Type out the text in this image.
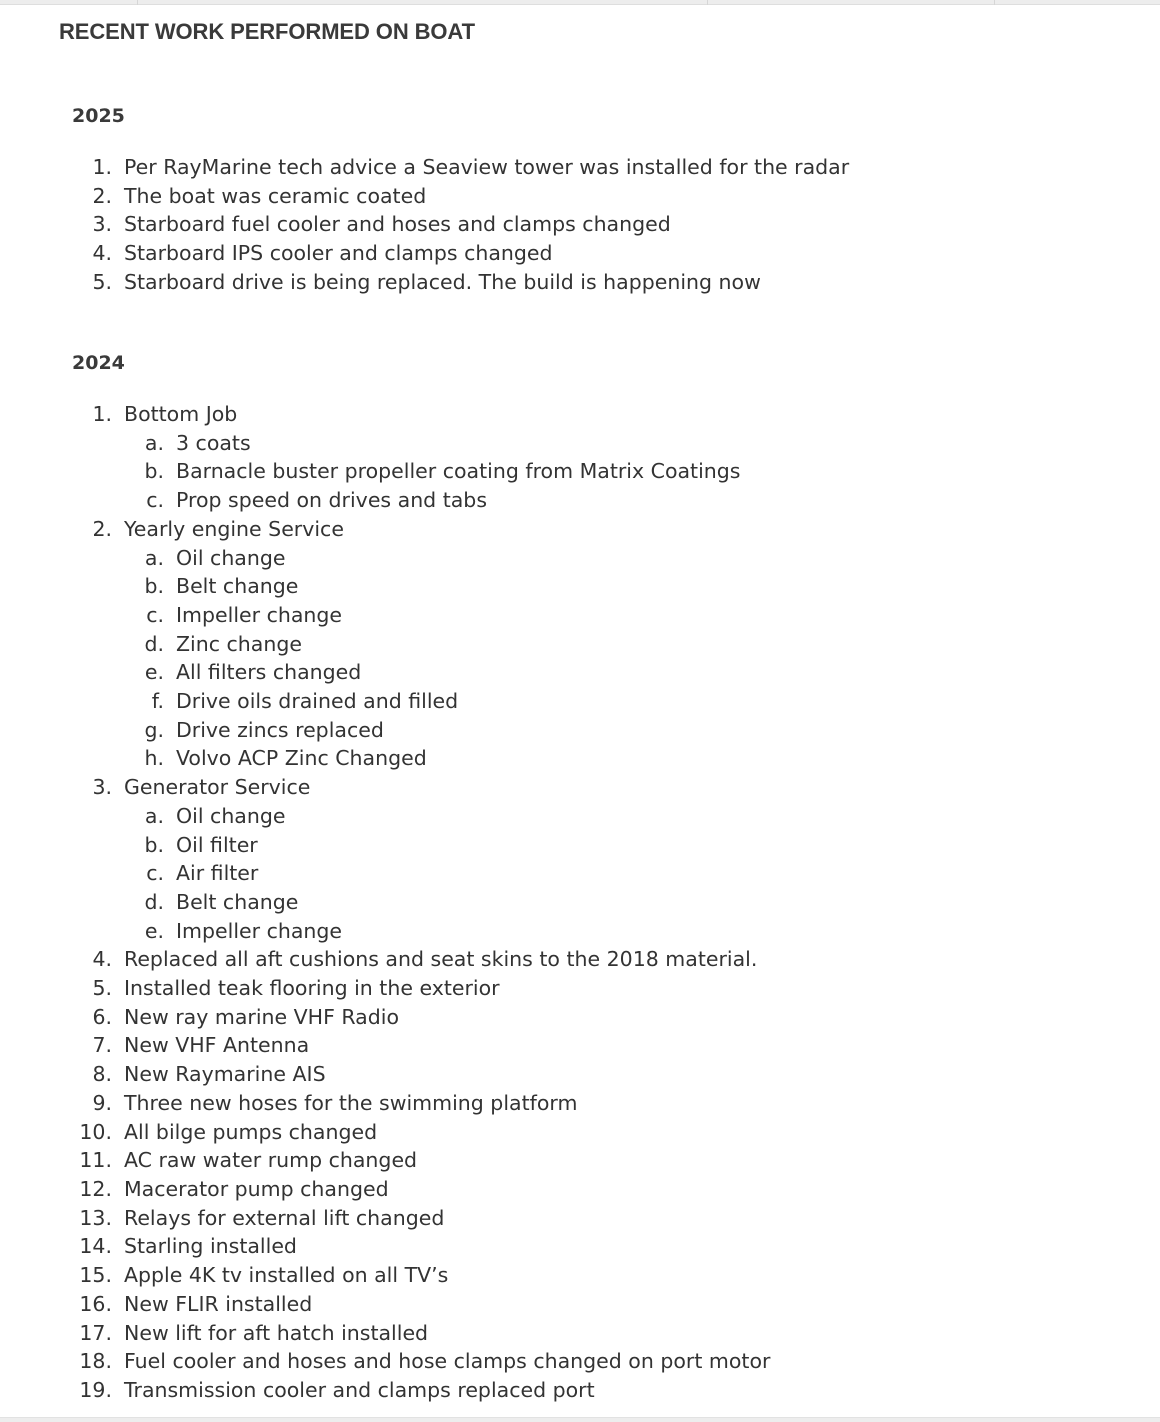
RECENT WORK PERFORMED ON BOAT
2025
1. Per RayMarine tech advice a Seaview tower was installed for the radar
2. The boat was ceramic coated
3. Starboard fuel cooler and hoses and clamps changed
4. Starboard IPS cooler and clamps changed
5. Starboard drive is being replaced. The build is happening now
2024
1. Bottom Job
a. 3 coats
b. Barnacle buster propeller coating from Matrix Coatings
c. Prop speed on drives and tabs
2. Yearly engine Service
a. Oil change
b. Belt change
c. Impeller change
d. Zinc change
e. All filters changed
f. Drive oils drained and filled
g. Drive zincs replaced
h. Volvo ACP Zinc Changed
3. Generator Service
a. Oil change
b. Oil filter
c. Air filter
d. Belt change
e. Impeller change
4. Replaced all aft cushions and seat skins to the 2018 material.
5. Installed teak flooring in the exterior
6. New ray marine VHF Radio
7. New VHF Antenna
8. New Raymarine AIS
9. Three new hoses for the swimming platform
10. All bilge pumps changed
11. AC raw water rump changed
12. Macerator pump changed
13. Relays for external lift changed
14. Starling installed
15. Apple 4K tv installed on all TV’s
16. New FLIR installed
17. New lift for aft hatch installed
18. Fuel cooler and hoses and hose clamps changed on port motor
19. Transmission cooler and clamps replaced port
